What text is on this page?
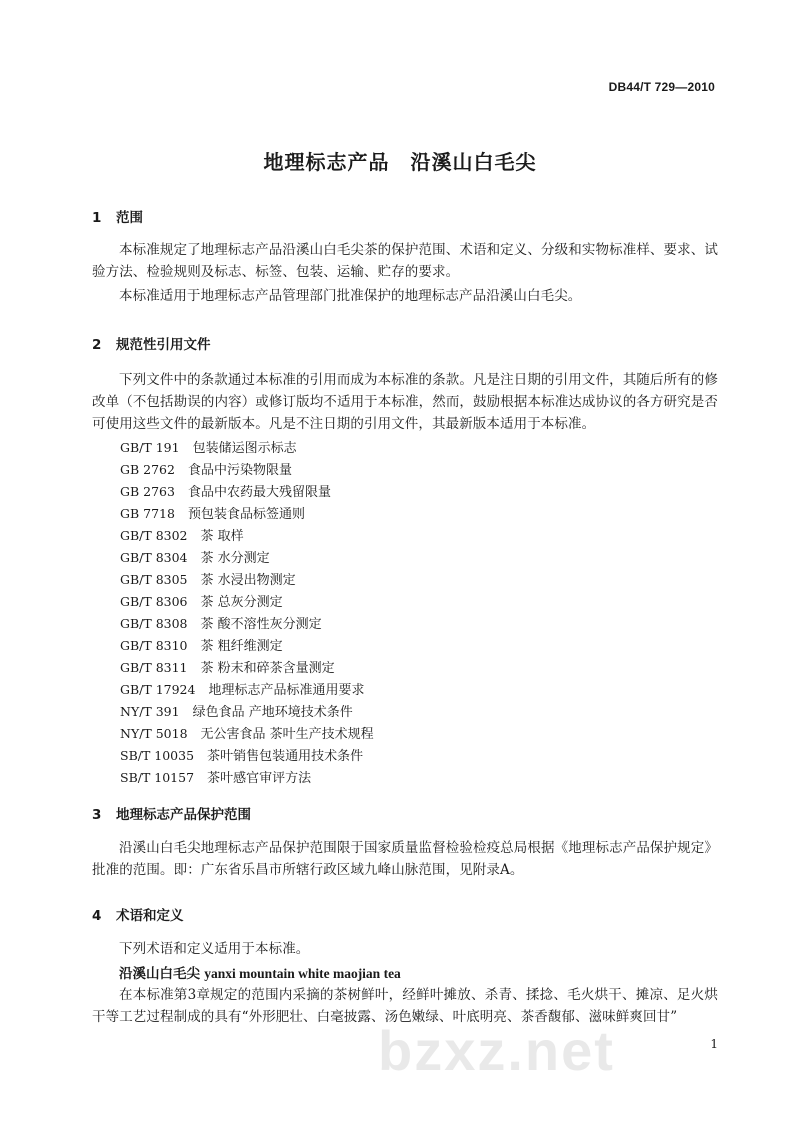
DB44/T 729—2010
地理标志产品　沿溪山白毛尖
1 范围
本标准规定了地理标志产品沿溪山白毛尖茶的保护范围、术语和定义、分级和实物标准样、要求、试验方法、检验规则及标志、标签、包装、运输、贮存的要求。
本标准适用于地理标志产品管理部门批准保护的地理标志产品沿溪山白毛尖。
2 规范性引用文件
下列文件中的条款通过本标准的引用而成为本标准的条款。凡是注日期的引用文件，其随后所有的修改单（不包括勘误的内容）或修订版均不适用于本标准，然而，鼓励根据本标准达成协议的各方研究是否可使用这些文件的最新版本。凡是不注日期的引用文件，其最新版本适用于本标准。
GB/T 191　 包装储运图示标志
GB 2762　 食品中污染物限量
GB 2763　 食品中农药最大残留限量
GB 7718　 预包装食品标签通则
GB/T 8302　 茶 取样
GB/T 8304　 茶 水分测定
GB/T 8305　 茶 水浸出物测定
GB/T 8306　 茶 总灰分测定
GB/T 8308　 茶 酸不溶性灰分测定
GB/T 8310　 茶 粗纤维测定
GB/T 8311　 茶 粉末和碎茶含量测定
GB/T 17924　 地理标志产品标准通用要求
NY/T 391　 绿色食品 产地环境技术条件
NY/T 5018　 无公害食品 茶叶生产技术规程
SB/T 10035　 茶叶销售包装通用技术条件
SB/T 10157　 茶叶感官审评方法
3 地理标志产品保护范围
沿溪山白毛尖地理标志产品保护范围限于国家质量监督检验检疫总局根据《地理标志产品保护规定》批准的范围。即：广东省乐昌市所辖行政区域九峰山脉范围，见附录A。
4 术语和定义
下列术语和定义适用于本标准。
沿溪山白毛尖 yanxi mountain white maojian tea
在本标准第3章规定的范围内采摘的茶树鲜叶，经鲜叶摊放、杀青、揉捻、毛火烘干、摊凉、足火烘干等工艺过程制成的具有“外形肥壮、白毫披露、汤色嫩绿、叶底明亮、茶香馥郁、滋味鲜爽回甘”
bzxz.net	1
